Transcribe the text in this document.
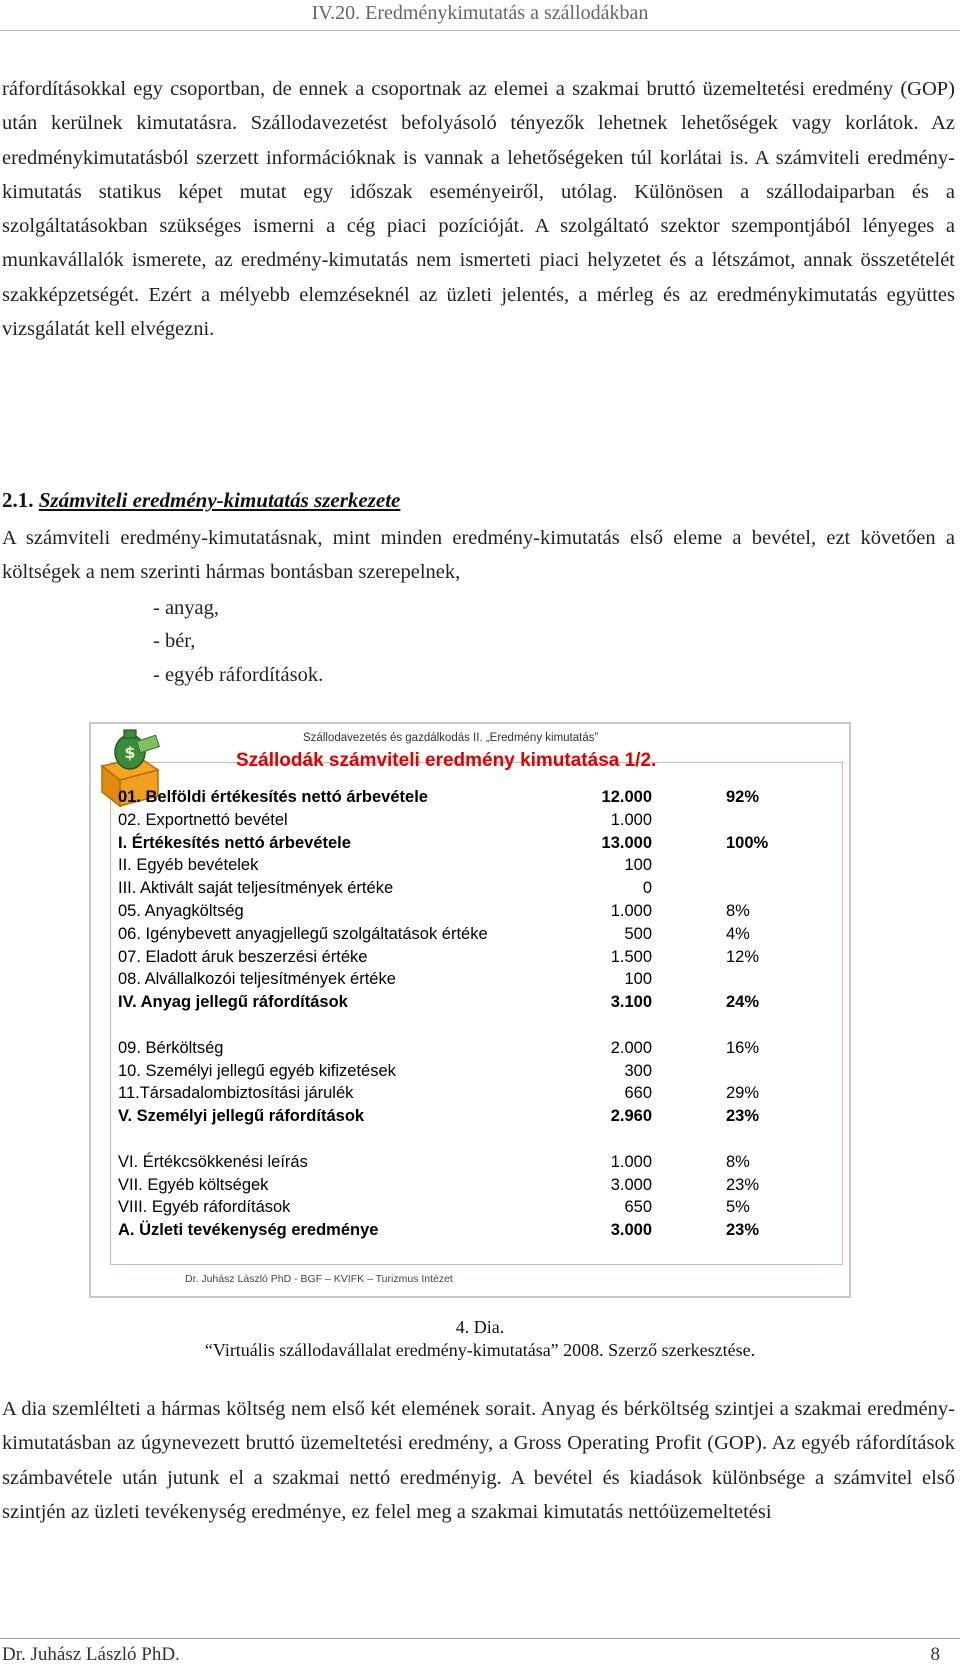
IV.20. Eredménykimutatás a szállodákban

ráfordításokkal egy csoportban, de ennek a csoportnak az elemei a szakmai bruttó üzemeltetési eredmény (GOP) után kerülnek kimutatásra. Szállodavezetést befolyásoló tényezők lehetnek lehetőségek vagy korlátok. Az eredménykimutatásból szerzett információknak is vannak a lehetőségeken túl korlátai is. A számviteli eredmény-kimutatás statikus képet mutat egy időszak eseményeiről, utólag. Különösen a szállodaiparban és a szolgáltatásokban szükséges ismerni a cég piaci pozícióját. A szolgáltató szektor szempontjából lényeges a munkavállalók ismerete, az eredmény-kimutatás nem ismerteti piaci helyzetet és a létszámot, annak összetételét szakképzetségét. Ezért a mélyebb elemzéseknél az üzleti jelentés, a mérleg és az eredménykimutatás együttes vizsgálatát kell elvégezni.

2.1. Számviteli eredmény-kimutatás szerkezete

A számviteli eredmény-kimutatásnak, mint minden eredmény-kimutatás első eleme a bevétel, ezt követően a költségek a nem szerinti hármas bontásban szerepelnek,

- anyag,
- bér,
- egyéb ráfordítások.
$
Szállodavezetés és gazdálkodás II. „Eredmény kimutatás”
Szállodák számviteli eredmény kimutatása 1/2.
01. Belföldi értékesítés nettó árbevétele	12.000	92%
02. Exportnettó bevétel	1.000
I. Értékesítés nettó árbevétele	13.000	100%
II. Egyéb bevételek	100
III. Aktivált saját teljesítmények értéke	0
05. Anyagköltség	1.000	8%
06. Igénybevett anyagjellegű szolgáltatások értéke	500	4%
07. Eladott áruk beszerzési értéke	1.500	12%
08. Alvállalkozói teljesítmények értéke	100
IV. Anyag jellegű ráfordítások	3.100	24%
09. Bérköltség	2.000	16%
10. Személyi jellegű egyéb kifizetések	300
11.Társadalombiztosítási járulék	660	29%
V. Személyi jellegű ráfordítások	2.960	23%
VI. Értékcsökkenési leírás	1.000	8%
VII. Egyéb költségek	3.000	23%
VIII. Egyéb ráfordítások	650	5%
A. Üzleti tevékenység eredménye	3.000	23%
Dr. Juhász László PhD - BGF – KVIFK – Turizmus Intézet
4. Dia.
“Virtuális szállodavállalat eredmény-kimutatása” 2008. Szerző szerkesztése.

A dia szemlélteti a hármas költség nem első két elemének sorait. Anyag és bérköltség szintjei a szakmai eredmény-kimutatásban az úgynevezett bruttó üzemeltetési eredmény, a Gross Operating Profit (GOP). Az egyéb ráfordítások számbavétele után jutunk el a szakmai nettó eredményig. A bevétel és kiadások különbsége a számvitel első szintjén az üzleti tevékenység eredménye, ez felel meg a szakmai kimutatás nettóüzemeltetési

Dr. Juhász László PhD.	8
